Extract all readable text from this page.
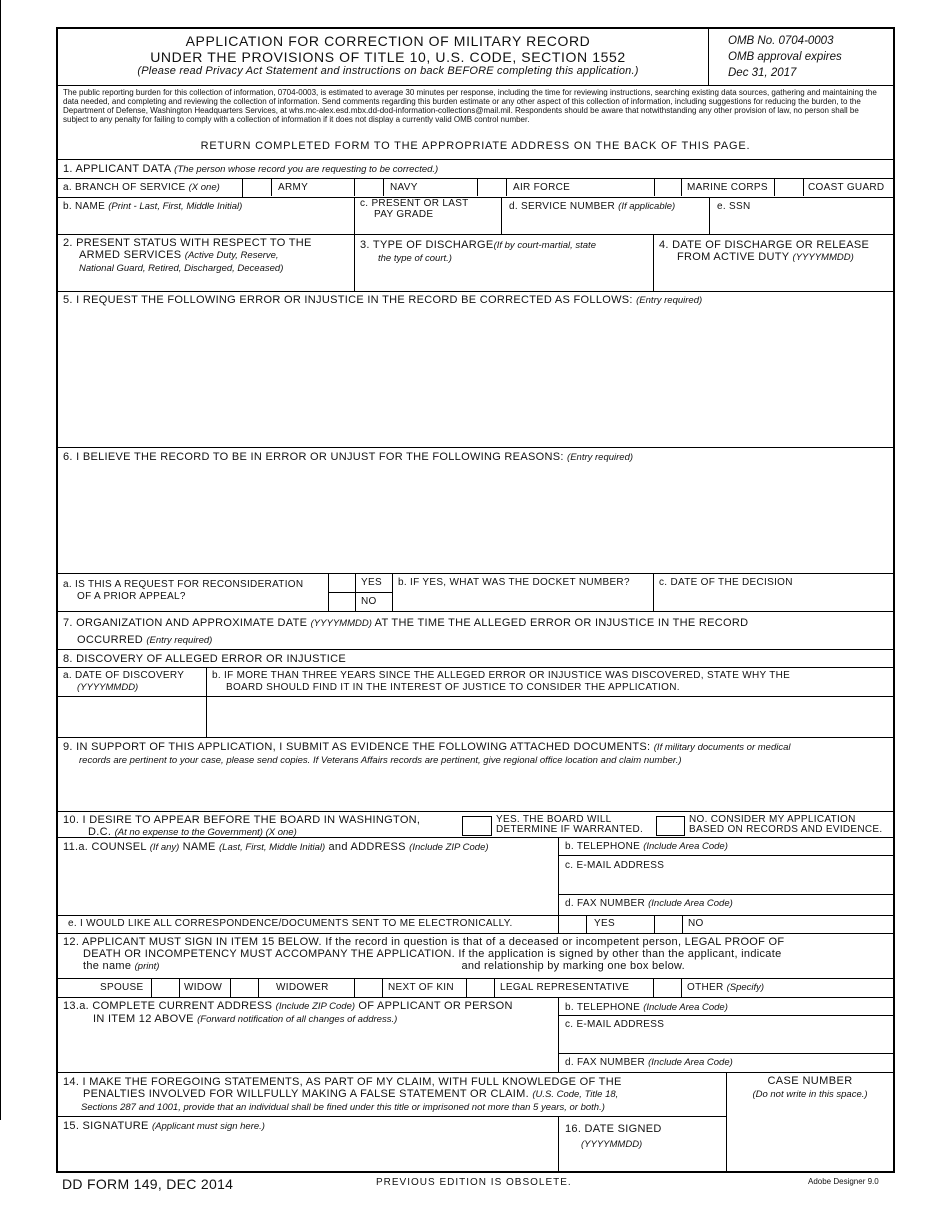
APPLICATION FOR CORRECTION OF MILITARY RECORD
UNDER THE PROVISIONS OF TITLE 10, U.S. CODE, SECTION 1552
(Please read Privacy Act Statement and instructions on back BEFORE completing this application.)
OMB No. 0704-0003
OMB approval expires
Dec 31, 2017
The public reporting burden for this collection of information, 0704-0003, is estimated to average 30 minutes per response, including the time for reviewing instructions, searching existing data sources, gathering and maintaining the data needed, and completing and reviewing the collection of information. Send comments regarding this burden estimate or any other aspect of this collection of information, including suggestions for reducing the burden, to the Department of Defense, Washington Headquarters Services, at whs.mc-alex.esd.mbx.dd-dod-information-collections@mail.mil. Respondents should be aware that notwithstanding any other provision of law, no person shall be subject to any penalty for failing to comply with a collection of information if it does not display a currently valid OMB control number.
RETURN COMPLETED FORM TO THE APPROPRIATE ADDRESS ON THE BACK OF THIS PAGE.
1. APPLICANT DATA (The person whose record you are requesting to be corrected.)
a. BRANCH OF SERVICE (X one)	ARMY	NAVY	AIR FORCE	MARINE CORPS	COAST GUARD
b. NAME (Print - Last, First, Middle Initial)	c. PRESENT OR LAST
PAY GRADE
d. SERVICE NUMBER (If applicable)	e. SSN
2. PRESENT STATUS WITH RESPECT TO THE
ARMED SERVICES (Active Duty, Reserve,
National Guard, Retired, Discharged, Deceased)
3. TYPE OF DISCHARGE(If by court-martial, state
the type of court.)
4. DATE OF DISCHARGE OR RELEASE
FROM ACTIVE DUTY (YYYYMMDD)
5. I REQUEST THE FOLLOWING ERROR OR INJUSTICE IN THE RECORD BE CORRECTED AS FOLLOWS: (Entry required)
6. I BELIEVE THE RECORD TO BE IN ERROR OR UNJUST FOR THE FOLLOWING REASONS: (Entry required)
a. IS THIS A REQUEST FOR RECONSIDERATION
OF A PRIOR APPEAL?
YES
NO
b. IF YES, WHAT WAS THE DOCKET NUMBER?	c. DATE OF THE DECISION
7. ORGANIZATION AND APPROXIMATE DATE (YYYYMMDD) AT THE TIME THE ALLEGED ERROR OR INJUSTICE IN THE RECORD
OCCURRED (Entry required)
8. DISCOVERY OF ALLEGED ERROR OR INJUSTICE
a. DATE OF DISCOVERY
(YYYYMMDD)
b. IF MORE THAN THREE YEARS SINCE THE ALLEGED ERROR OR INJUSTICE WAS DISCOVERED, STATE WHY THE
BOARD SHOULD FIND IT IN THE INTEREST OF JUSTICE TO CONSIDER THE APPLICATION.
9. IN SUPPORT OF THIS APPLICATION, I SUBMIT AS EVIDENCE THE FOLLOWING ATTACHED DOCUMENTS: (If military documents or medical
records are pertinent to your case, please send copies. If Veterans Affairs records are pertinent, give regional office location and claim number.)
10. I DESIRE TO APPEAR BEFORE THE BOARD IN WASHINGTON,
D.C. (At no expense to the Government) (X one)
YES. THE BOARD WILL
DETERMINE IF WARRANTED.
NO. CONSIDER MY APPLICATION
BASED ON RECORDS AND EVIDENCE.
11.a. COUNSEL (If any) NAME (Last, First, Middle Initial) and ADDRESS (Include ZIP Code)	b. TELEPHONE (Include Area Code)
c. E-MAIL ADDRESS
d. FAX NUMBER (Include Area Code)
e. I WOULD LIKE ALL CORRESPONDENCE/DOCUMENTS SENT TO ME ELECTRONICALLY.	YES	NO
12. APPLICANT MUST SIGN IN ITEM 15 BELOW. If the record in question is that of a deceased or incompetent person, LEGAL PROOF OF
DEATH OR INCOMPETENCY MUST ACCOMPANY THE APPLICATION. If the application is signed by other than the applicant, indicate
the name (print)	and relationship by marking one box below.
SPOUSE	WIDOW	WIDOWER	NEXT OF KIN	LEGAL REPRESENTATIVE	OTHER (Specify)
13.a. COMPLETE CURRENT ADDRESS (Include ZIP Code) OF APPLICANT OR PERSON
IN ITEM 12 ABOVE (Forward notification of all changes of address.)
b. TELEPHONE (Include Area Code)
c. E-MAIL ADDRESS
d. FAX NUMBER (Include Area Code)
14. I MAKE THE FOREGOING STATEMENTS, AS PART OF MY CLAIM, WITH FULL KNOWLEDGE OF THE
PENALTIES INVOLVED FOR WILLFULLY MAKING A FALSE STATEMENT OR CLAIM. (U.S. Code, Title 18,
Sections 287 and 1001, provide that an individual shall be fined under this title or imprisoned not more than 5 years, or both.)
CASE NUMBER
(Do not write in this space.)
15. SIGNATURE (Applicant must sign here.)	16. DATE SIGNED
(YYYYMMDD)
DD FORM 149, DEC 2014	PREVIOUS EDITION IS OBSOLETE.	Adobe Designer 9.0
